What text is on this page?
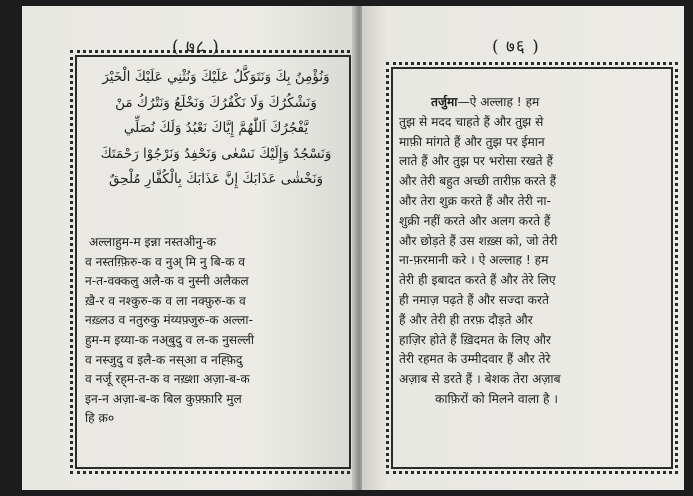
( ७८ )
وَنُؤْمِنُ بِكَ وَنَتَوَكَّلُ عَلَيْكَ وَنُثْنِي عَلَيْكَ الْخَيْرَ
وَنَشْكُرُكَ وَلَا نَكْفُرُكَ وَنَخْلَعُ وَنَتْرُكُ مَنْ
يَّفْجُرُكَ اَللّٰهُمَّ إِيَّاكَ نَعْبُدُ وَلَكَ نُصَلِّي
وَنَسْجُدُ وَإِلَيْكَ نَسْعٰى وَنَحْفِدُ وَنَرْجُوْا رَحْمَتَكَ
وَنَخْشٰى عَذَابَكَ إِنَّ عَذَابَكَ بِالْكُفَّارِ مُلْحِقٌ
अल्लाहुम-म इन्ना नस्तअीनु-क
व नस्तग़्फ़िरु-क व नुअ्‌ मि नु बि-क व
न-त-वक्कलु अलै-क व नुस्नी अलैकल
ख़ै-र व नश्कुरु-क व ला नक्फ़ुरु-क व
नख़्लउ व नतुरुकु मंय्यफ़्जुरु-क अल्ला-
हुम-म इय्या-क नअ्‌बुदु व ल-क नुसल्ली
व नस्जुदु व इलै-क नस्आ व नह्फ़िदु
व नर्जू रह्‌म-त-क व नख़्शा अज़ा-ब-क
इन-न अज़ा-ब-क बिल कुफ़्फ़ारि मुल
हि क़०
( ७६ )
तर्जुमा—ऐ अल्लाह ! हम
तुझ से मदद चाहते हैं और तुझ से
माफ़ी मांगते हैं और तुझ पर ईमान
लाते हैं और तुझ पर भरोसा रखते हैं
और तेरी बहुत अच्छी तारीफ़ करते हैं
और तेरा शुक्र करते हैं और तेरी ना-
शुक्री नहीं करते और अलग करते हैं
और छोड़ते हैं उस शख़्स को, जो तेरी
ना-फ़रमानी करे । ऐ अल्लाह ! हम
तेरी ही इबादत करते हैं और तेरे लिए
ही नमाज़ पढ़ते हैं और सज्दा करते
हैं और तेरी ही तरफ़ दौड़ते और
हाज़िर होते हैं ख़िदमत के लिए और
तेरी रहमत के उम्मीदवार हैं और तेरे
अज़ाब से डरते हैं । बेशक तेरा अज़ाब
काफ़िरों को मिलने वाला है ।
